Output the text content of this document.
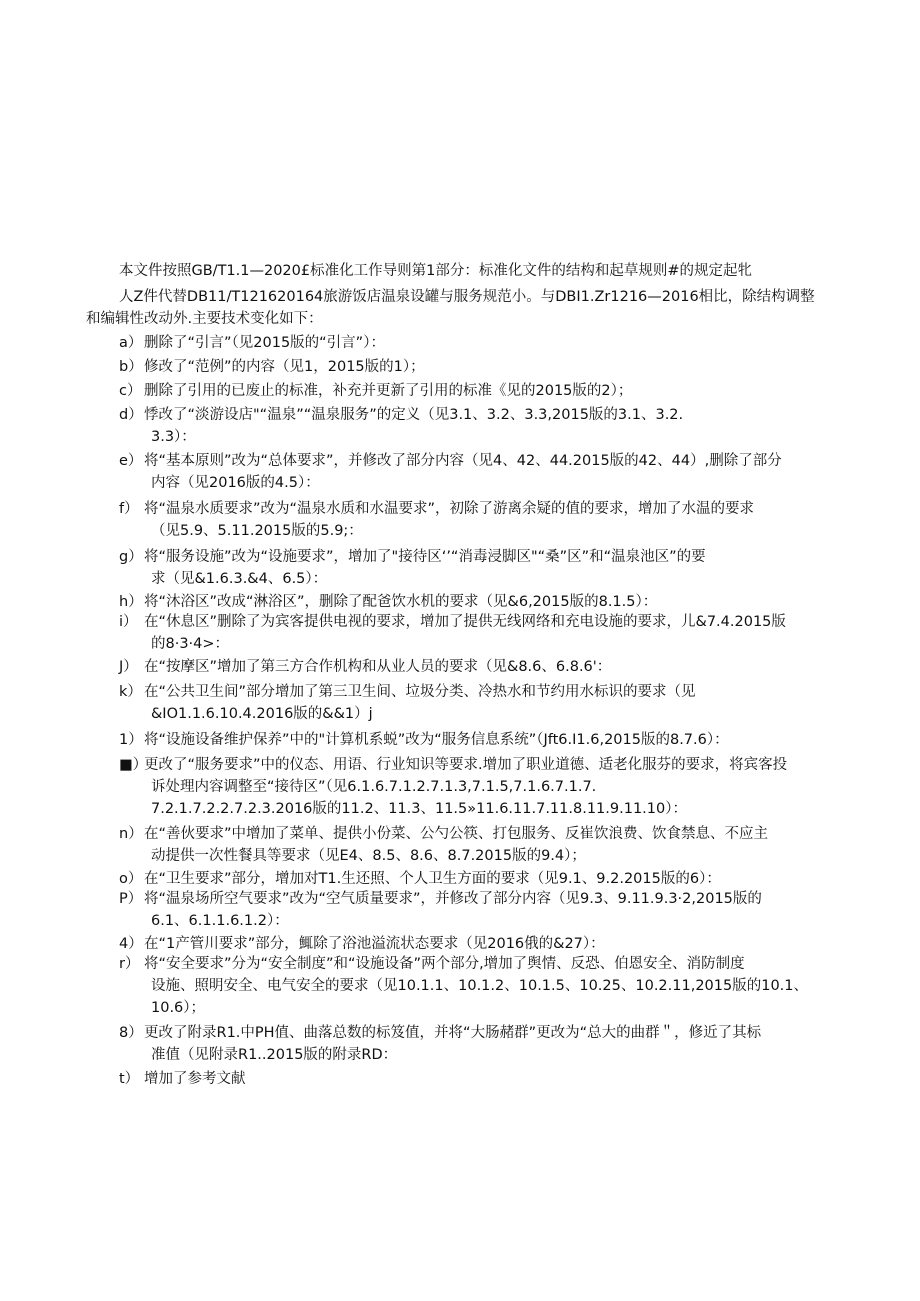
本文件按照GB/T1.1—2020£标准化工作导则第1部分：标准化文件的结构和起草规则#的规定起牝
人Z件代替DB11/T121620164旅游饭店温泉设罐与服务规范小。与DBI1.Zr1216—2016相比，除结构调整
和编辑性改动外.主要技术变化如下：
a） 删除了“引言”（见2015版的“引言”）：
b） 修改了“范例”的内容（见1，2015版的1）；
c） 删除了引用的已废止的标准，补充并更新了引用的标准《见的2015版的2）；
d） 悸改了“淡游设店"“温泉”“温泉服务”的定义（见3.1、3.2、3.3,2015版的3.1、3.2.
3.3）：
e） 将“基本原则”改为“总体要求”，并修改了部分内容（见4、42、44.2015版的42、44）,删除了部分
内容（见2016版的4.5）：
f） 将“温泉水质要求”改为“温泉水质和水温要求”，初除了游离余疑的值的要求，增加了水温的要求
（见5.9、5.11.2015版的5.9;：
g） 将“服务设施”改为“设施要求”，增加了"接待区‘’“消毒浸脚区"“桑”区”和“温泉池区”的要
求（见&1.6.3.&4、6.5）：
h） 将“沐浴区”改成“淋浴区”，删除了配爸饮水机的要求（见&6,2015版的8.1.5）：
i） 在“休息区”删除了为宾客提供电视的要求，增加了提供无线网络和充电设施的要求，儿&7.4.2015版
的8·3·4>：
J） 在“按摩区”增加了第三方合作机构和从业人员的要求（见&8.6、6.8.6'：
k） 在“公共卫生间”部分增加了第三卫生间、垃圾分类、冷热水和节约用水标识的要求（见
&IO1.1.6.10.4.2016版的&&1）j
1） 将“设施设备维护保养”中的"计算机系蜕”改为“服务信息系统”（Jft6.I1.6,2015版的8.7.6）：
■）
更改了“服务要求”中的仪态、用语、行业知识等要求.增加了职业道德、适老化服芬的要求，将宾客投
诉处理内容调整至“接待区”（见6.1.6.7.1.2.7.1.3,7.1.5,7.1.6.7.1.7.
7.2.1.7.2.2.7.2.3.2016版的11.2、11.3、11.5»11.6.11.7.11.8.11.9.11.10）：
n） 在“善伙要求”中增加了菜单、提供小份菜、公勺公筷、打包服务、反崔饮浪费、饮食禁息、不应主
动提供一次性餐具等要求（见E4、8.5、8.6、8.7.2015版的9.4）；
o） 在“卫生要求”部分，增加对T1.生还照、个人卫生方面的要求（见9.1、9.2.2015版的6）：
P） 将“温泉场所空气要求”改为“空气质量要求”，并修改了部分内容（见9.3、9.11.9.3·2,2015版的
6.1、6.1.1.6.1.2）：
4） 在“1产管川要求”部分，鮿除了浴池溢流状态要求（见2016俄的&27）：
r） 将“安全要求”分为“安全制度”和“设施设备”两个部分,增加了舆情、反恐、伯恩安全、消防制度
设施、照明安全、电气安全的要求（见10.1.1、10.1.2、10.1.5、10.25、10.2.11,2015版的10.1、
10.6）；
8） 更改了附录R1.中PH值、曲落总数的标笈值，并将“大肠赭群”更改为“总大的曲群＂，修近了其标
准值（见附录R1..2015版的附录RD：
t） 增加了参考文献
